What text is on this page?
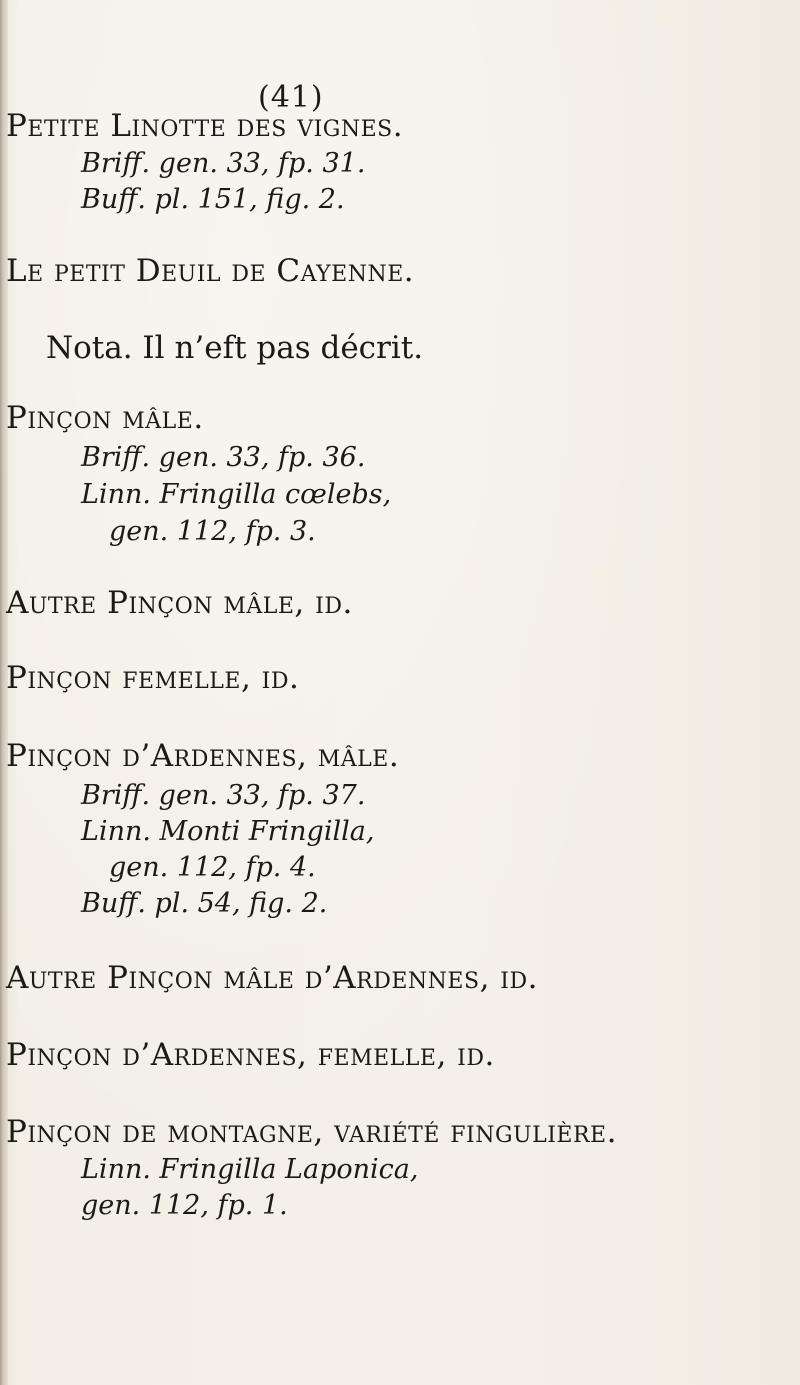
(41)
Petite Linotte des vignes.
Briff. gen. 33, fp. 31.
Buff. pl. 151, fig. 2.
Le petit Deuil de Cayenne.
Nota. Il n’eft pas décrit.
Pinçon mâle.
Briff. gen. 33, fp. 36.
Linn. Fringilla cœlebs,
gen. 112, fp. 3.
Autre Pinçon mâle, id.
Pinçon femelle, id.
Pinçon d’Ardennes, mâle.
Briff. gen. 33, fp. 37.
Linn. Monti Fringilla,
gen. 112, fp. 4.
Buff. pl. 54, fig. 2.
Autre Pinçon mâle d’Ardennes, id.
Pinçon d’Ardennes, femelle, id.
Pinçon de montagne, variété fingulière.
Linn. Fringilla Laponica,
gen. 112, fp. 1.
